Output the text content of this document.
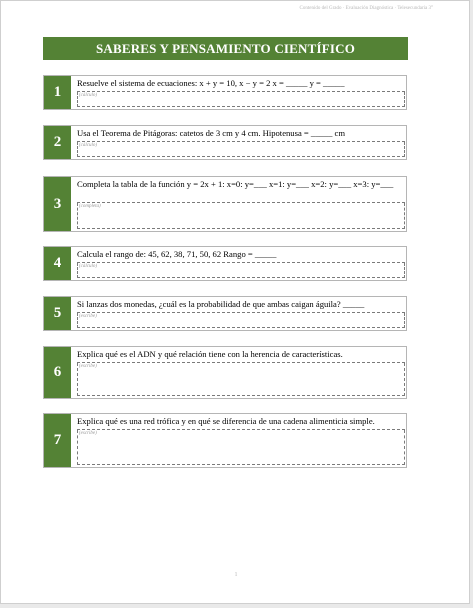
Contenido del Grado · Evaluación Diagnóstica · Telesecundaria 3°
SABERES Y PENSAMIENTO CIENTÍFICO
1
Resuelve el sistema de ecuaciones: x + y = 10, x − y = 2 x = _____ y = _____
(cálculo)
2
Usa el Teorema de Pitágoras: catetos de 3 cm y 4 cm. Hipotenusa = _____ cm
(cálculo)
3
Completa la tabla de la función y = 2x + 1: x=0: y=___ x=1: y=___ x=2: y=___ x=3: y=___
(completa)
4
Calcula el rango de: 45, 62, 38, 71, 50, 62 Rango = _____
(cálculo)
5
Si lanzas dos monedas, ¿cuál es la probabilidad de que ambas caigan águila? _____
(escribe)
6
Explica qué es el ADN y qué relación tiene con la herencia de características.
(escribe)
7
Explica qué es una red trófica y en qué se diferencia de una cadena alimenticia simple.
(escribe)
1
